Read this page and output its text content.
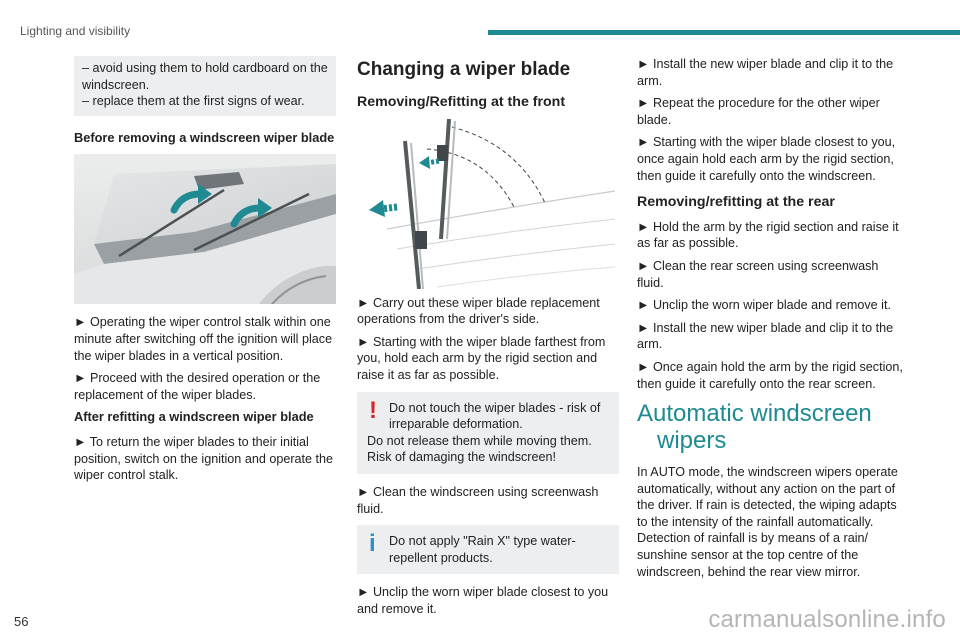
Lighting and visibility

– avoid using them to hold cardboard on the windscreen.

– replace them at the first signs of wear.

Before removing a windscreen wiper blade

► Operating the wiper control stalk within one minute after switching off the ignition will place the wiper blades in a vertical position.

► Proceed with the desired operation or the replacement of the wiper blades.

After refitting a windscreen wiper blade

► To return the wiper blades to their initial position, switch on the ignition and operate the wiper control stalk.

Changing a wiper blade
Removing/Refitting at the front

► Carry out these wiper blade replacement operations from the driver's side.

► Starting with the wiper blade farthest from you, hold each arm by the rigid section and raise it as far as possible.

! Do not touch the wiper blades - risk of irreparable deformation.

Do not release them while moving them. Risk of damaging the windscreen!

► Clean the windscreen using screenwash fluid.

i Do not apply "Rain X" type water-repellent products.

► Unclip the worn wiper blade closest to you and remove it.

► Install the new wiper blade and clip it to the arm.

► Repeat the procedure for the other wiper blade.

► Starting with the wiper blade closest to you, once again hold each arm by the rigid section, then guide it carefully onto the windscreen.

Removing/refitting at the rear

► Hold the arm by the rigid section and raise it as far as possible.

► Clean the rear screen using screenwash fluid.

► Unclip the worn wiper blade and remove it.

► Install the new wiper blade and clip it to the arm.

► Once again hold the arm by the rigid section, then guide it carefully onto the rear screen.

Automatic windscreen
wipers

In AUTO mode, the windscreen wipers operate automatically, without any action on the part of the driver. If rain is detected, the wiping adapts to the intensity of the rainfall automatically. Detection of rainfall is by means of a rain/ sunshine sensor at the top centre of the windscreen, behind the rear view mirror.

56	carmanualsonline.info
